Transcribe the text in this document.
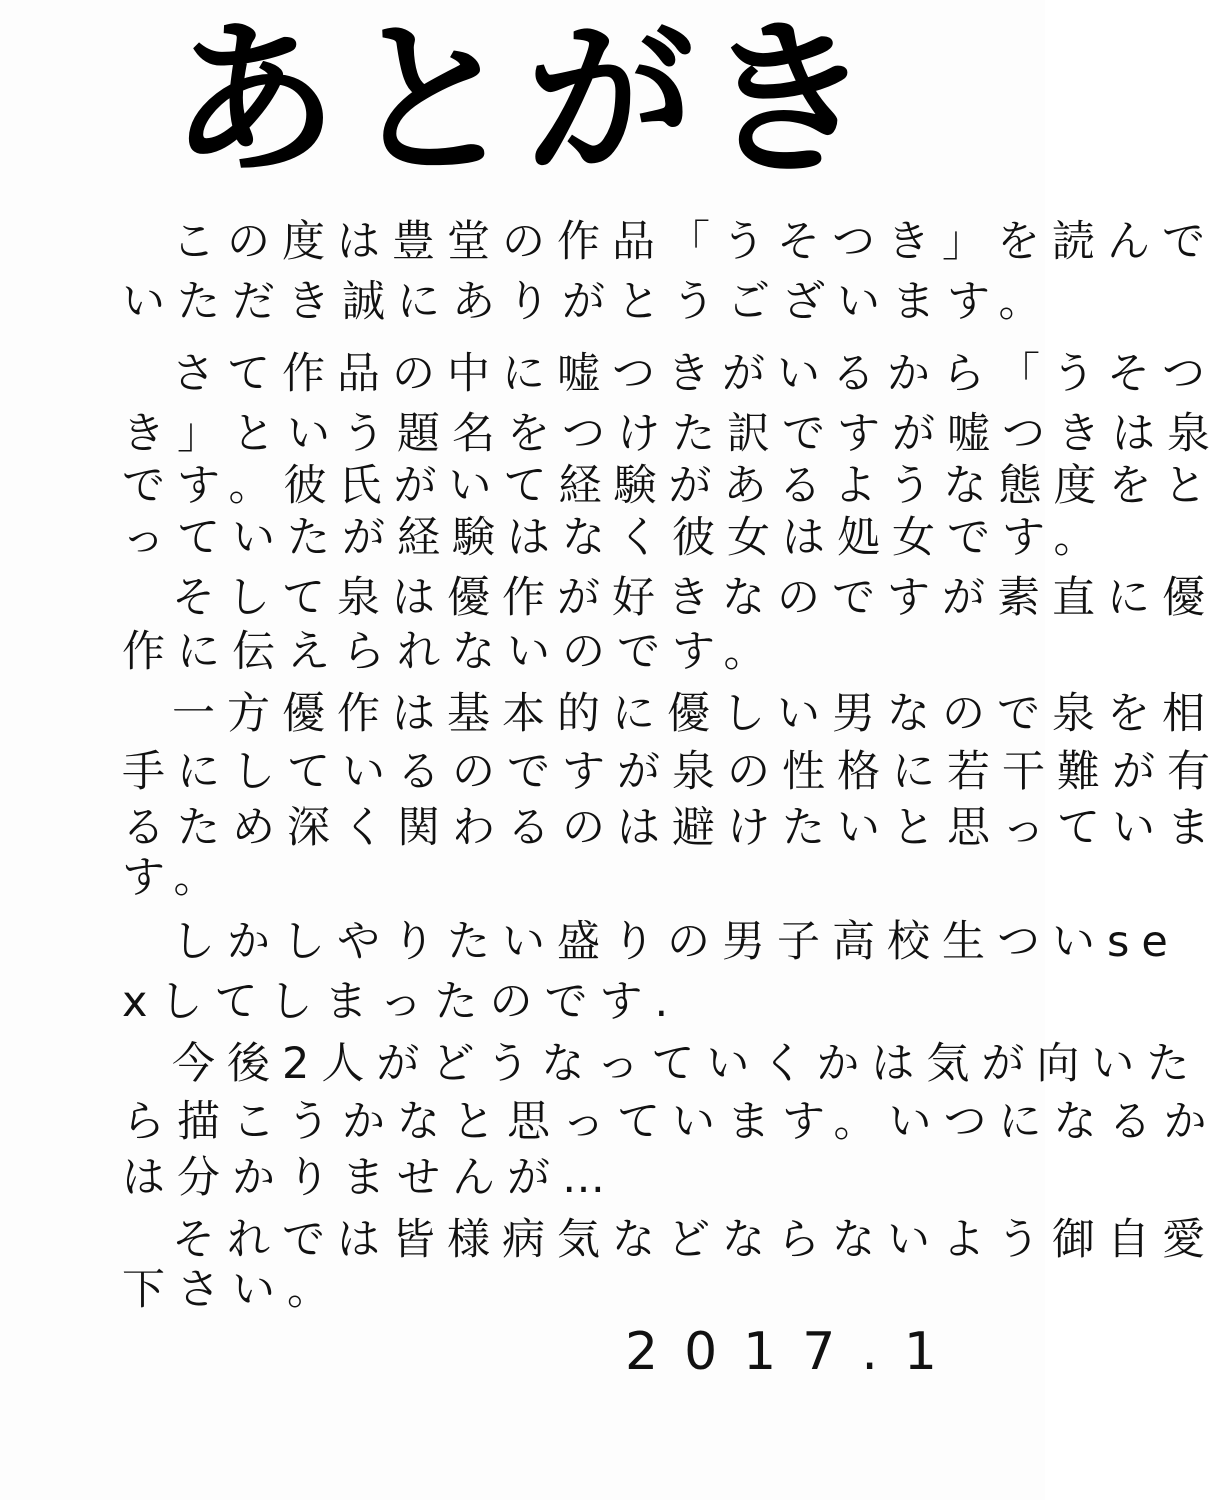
あとがき
この度は豊堂の作品「うそつき」を読んで
いただき誠にありがとうございます。
さて作品の中に嘘つきがいるから「うそつ
き」という題名をつけた訳ですが嘘つきは泉
です。彼氏がいて経験があるような態度をと
っていたが経験はなく彼女は処女です。
そして泉は優作が好きなのですが素直に優
作に伝えられないのです。
一方優作は基本的に優しい男なので泉を相
手にしているのですが泉の性格に若干難が有
るため深く関わるのは避けたいと思っていま
す。
しかしやりたい盛りの男子高校生ついse
xしてしまったのです.
今後2人がどうなっていくかは気が向いた
ら描こうかなと思っています。いつになるか
は分かりませんが…
それでは皆様病気などならないよう御自愛
下さい。
2017.1
